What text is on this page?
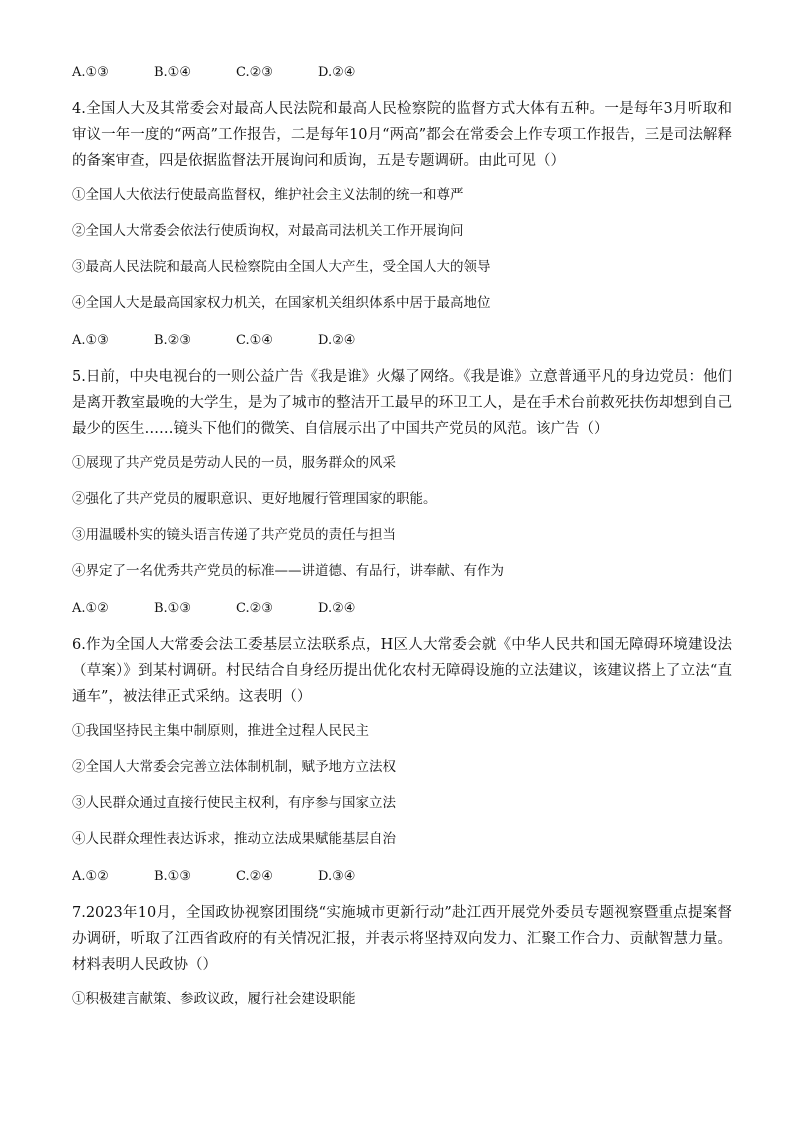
A.①③	B.①④	C.②③	D.②④

4.全国人大及其常委会对最高人民法院和最高人民检察院的监督方式大体有五种。一是每年3月听取和审议一年一度的“两高”工作报告，二是每年10月“两高”都会在常委会上作专项工作报告，三是司法解释的备案审查，四是依据监督法开展询问和质询，五是专题调研。由此可见（）

①全国人大依法行使最高监督权，维护社会主义法制的统一和尊严

②全国人大常委会依法行使质询权，对最高司法机关工作开展询问

③最高人民法院和最高人民检察院由全国人大产生，受全国人大的领导

④全国人大是最高国家权力机关，在国家机关组织体系中居于最高地位

A.①③	B.②③	C.①④	D.②④

5.日前，中央电视台的一则公益广告《我是谁》火爆了网络。《我是谁》立意普通平凡的身边党员：他们是离开教室最晚的大学生，是为了城市的整洁开工最早的环卫工人，是在手术台前救死扶伤却想到自己最少的医生……镜头下他们的微笑、自信展示出了中国共产党员的风范。该广告（）

①展现了共产党员是劳动人民的一员，服务群众的风采

②强化了共产党员的履职意识、更好地履行管理国家的职能。

③用温暖朴实的镜头语言传递了共产党员的责任与担当

④界定了一名优秀共产党员的标准——讲道德、有品行，讲奉献、有作为

A.①②	B.①③	C.②③	D.②④

6.作为全国人大常委会法工委基层立法联系点，H区人大常委会就《中华人民共和国无障碍环境建设法（草案）》到某村调研。村民结合自身经历提出优化农村无障碍设施的立法建议，该建议搭上了立法“直通车”，被法律正式采纳。这表明（）

①我国坚持民主集中制原则，推进全过程人民民主

②全国人大常委会完善立法体制机制，赋予地方立法权

③人民群众通过直接行使民主权利，有序参与国家立法

④人民群众理性表达诉求，推动立法成果赋能基层自治

A.①②	B.①③	C.②④	D.③④

7.2023年10月，全国政协视察团围绕“实施城市更新行动”赴江西开展党外委员专题视察暨重点提案督办调研，听取了江西省政府的有关情况汇报，并表示将坚持双向发力、汇聚工作合力、贡献智慧力量。材料表明人民政协（）

①积极建言献策、参政议政，履行社会建设职能
